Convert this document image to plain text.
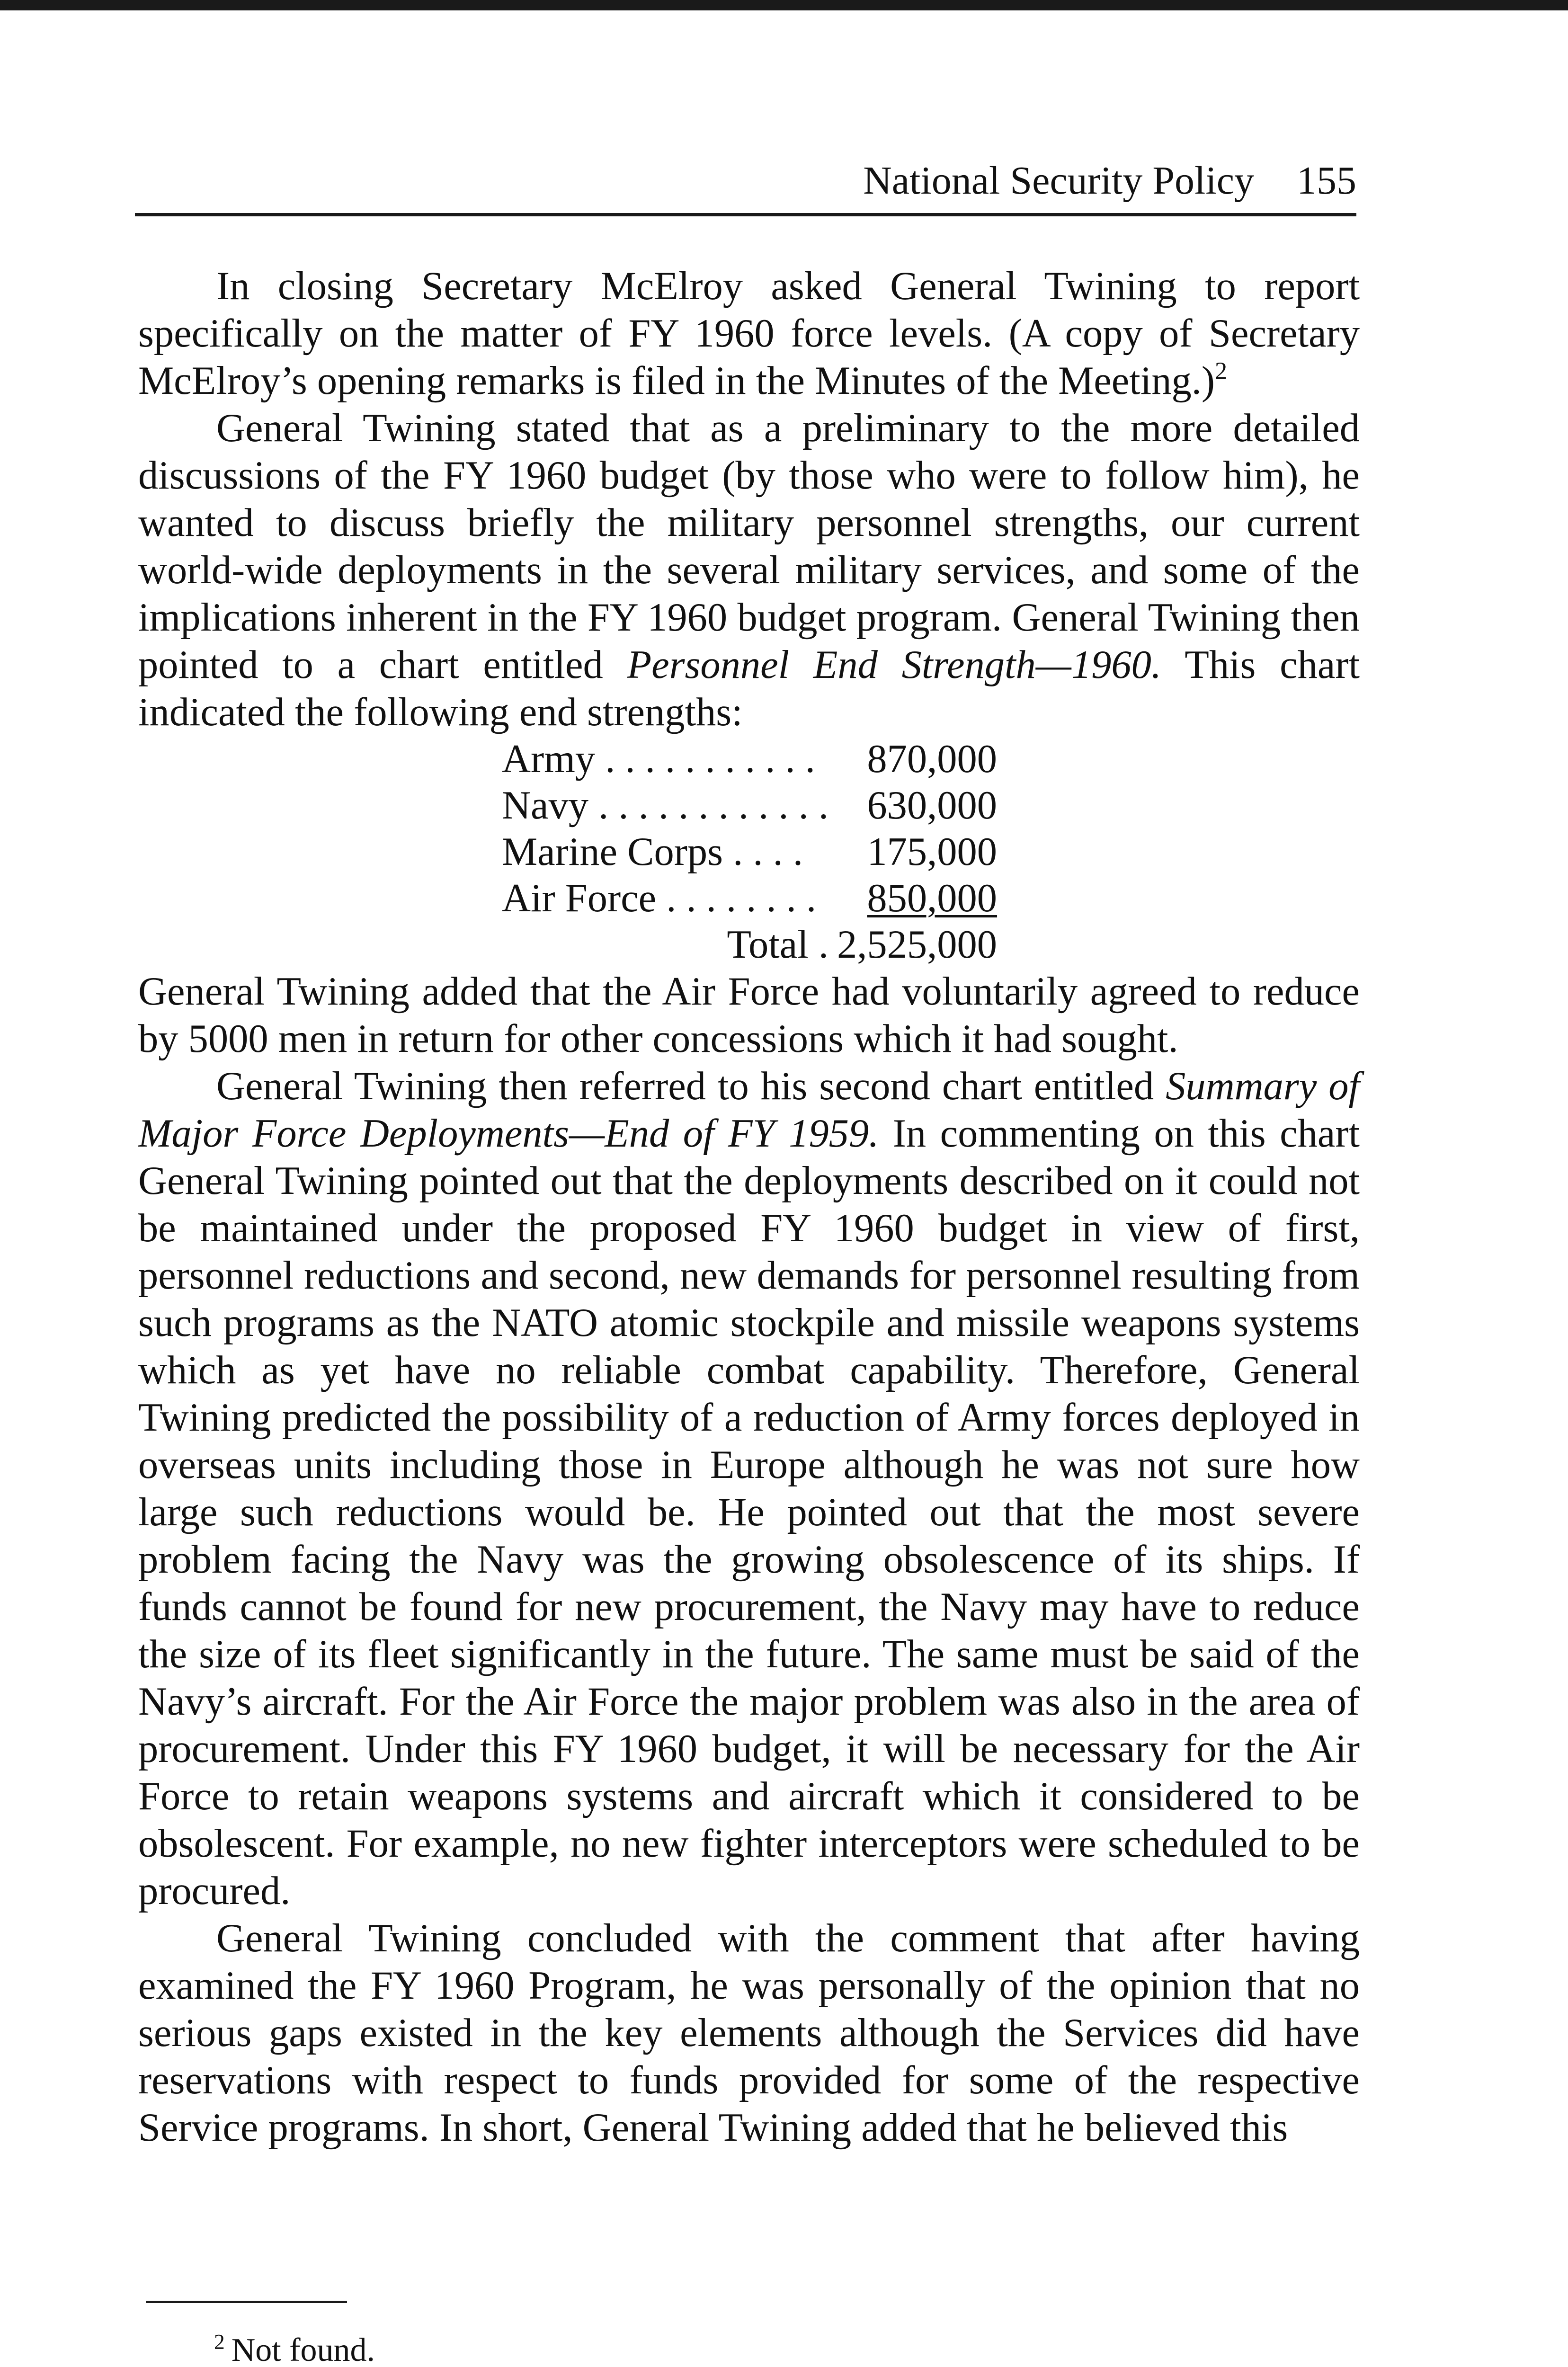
National Security Policy 155

In closing Secretary McElroy asked General Twining to report specifically on the matter of FY 1960 force levels. (A copy of Secretary McElroy’s opening remarks is filed in the Minutes of the Meeting.)$^2$

General Twining stated that as a preliminary to the more detailed discussions of the FY 1960 budget (by those who were to follow him), he wanted to discuss briefly the military personnel strengths, our current world-wide deployments in the several military services, and some of the implications inherent in the FY 1960 budget program. General Twining then pointed to a chart entitled Personnel End Strength—1960. This chart indicated the following end strengths:

Army . . . . . . . . . . .	870,000
Navy . . . . . . . . . . . .	630,000
Marine Corps . . . .	175,000
Air Force . . . . . . . .	850,000
Total .	2,525,000

General Twining added that the Air Force had voluntarily agreed to reduce by 5000 men in return for other concessions which it had sought.

General Twining then referred to his second chart entitled Summary of Major Force Deployments—End of FY 1959. In commenting on this chart General Twining pointed out that the deployments described on it could not be maintained under the proposed FY 1960 budget in view of first, personnel reductions and second, new demands for personnel resulting from such programs as the NATO atomic stockpile and missile weapons systems which as yet have no reliable combat capability. Therefore, General Twining predicted the possibility of a reduction of Army forces deployed in overseas units including those in Europe although he was not sure how large such reductions would be. He pointed out that the most severe problem facing the Navy was the growing obsolescence of its ships. If funds cannot be found for new procurement, the Navy may have to reduce the size of its fleet significantly in the future. The same must be said of the Navy’s aircraft. For the Air Force the major problem was also in the area of procurement. Under this FY 1960 budget, it will be necessary for the Air Force to retain weapons systems and aircraft which it considered to be obsolescent. For example, no new fighter interceptors were scheduled to be procured.

General Twining concluded with the comment that after having examined the FY 1960 Program, he was personally of the opinion that no serious gaps existed in the key elements although the Services did have reservations with respect to funds provided for some of the respective Service programs. In short, General Twining added that he believed this

$^2$ Not found.
